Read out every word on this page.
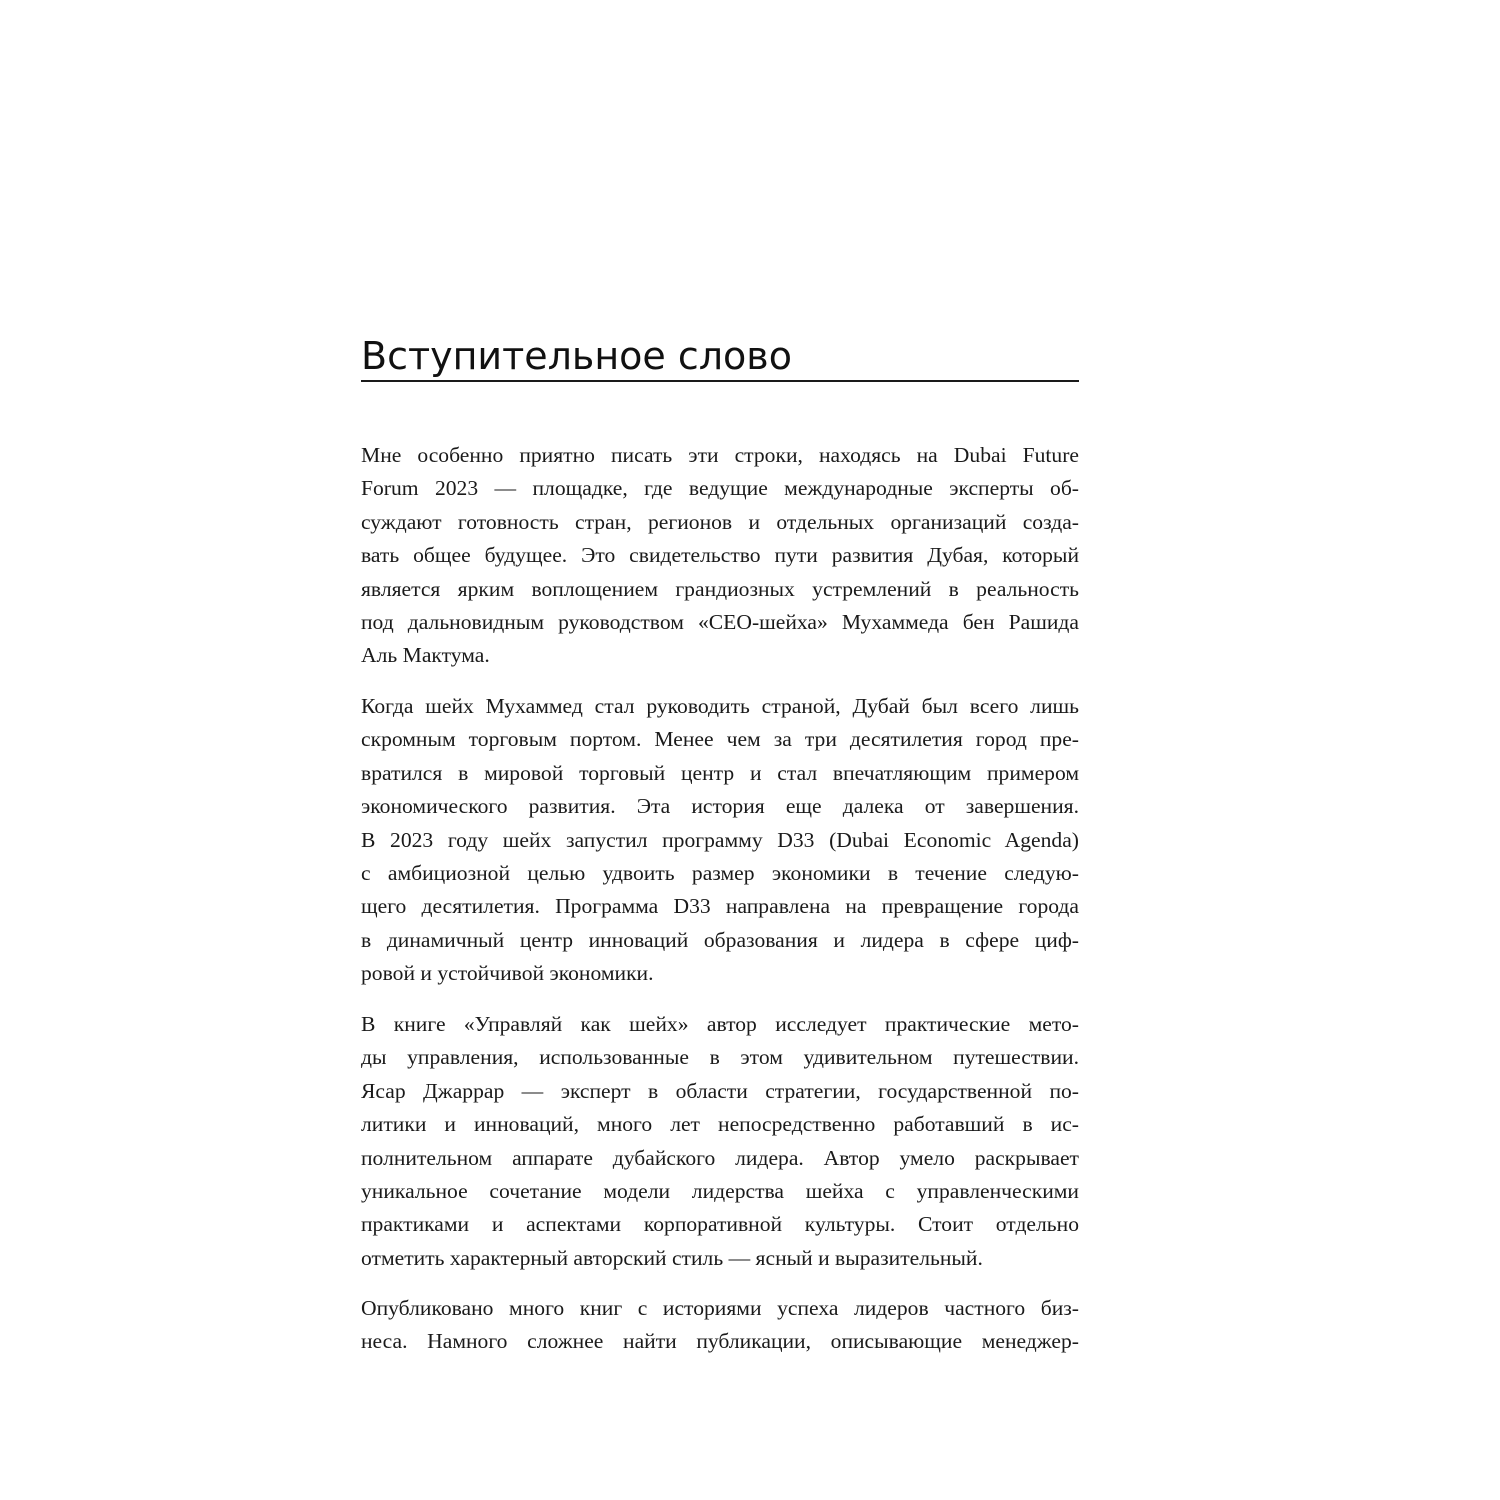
Вступительное слово
Мне особенно приятно писать эти строки, находясь на Dubai Future
Forum 2023 — площадке, где ведущие международные эксперты об-
суждают готовность стран, регионов и отдельных организаций созда-
вать общее будущее. Это свидетельство пути развития Дубая, который
является ярким воплощением грандиозных устремлений в реальность
под дальновидным руководством «CEO-шейха» Мухаммеда бен Рашида
Аль Мактума.
Когда шейх Мухаммед стал руководить страной, Дубай был всего лишь
скромным торговым портом. Менее чем за три десятилетия город пре-
вратился в мировой торговый центр и стал впечатляющим примером
экономического развития. Эта история еще далека от завершения.
В 2023 году шейх запустил программу D33 (Dubai Economic Agenda)
с амбициозной целью удвоить размер экономики в течение следую-
щего десятилетия. Программа D33 направлена на превращение города
в динамичный центр инноваций образования и лидера в сфере циф-
ровой и устойчивой экономики.
В книге «Управляй как шейх» автор исследует практические мето-
ды управления, использованные в этом удивительном путешествии.
Ясар Джаррар — эксперт в области стратегии, государственной по-
литики и инноваций, много лет непосредственно работавший в ис-
полнительном аппарате дубайского лидера. Автор умело раскрывает
уникальное сочетание модели лидерства шейха с управленческими
практиками и аспектами корпоративной культуры. Стоит отдельно
отметить характерный авторский стиль — ясный и выразительный.
Опубликовано много книг с историями успеха лидеров частного биз-
неса. Намного сложнее найти публикации, описывающие менеджер-
